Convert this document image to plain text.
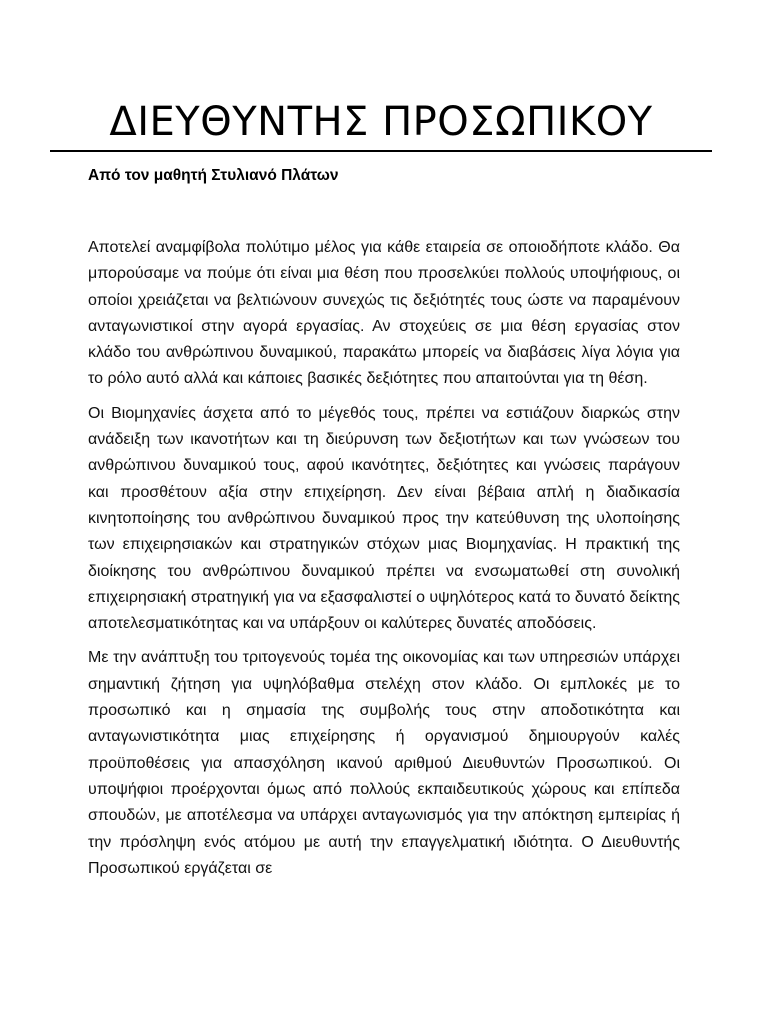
ΔΙΕΥΘΥΝΤΗΣ ΠΡΟΣΩΠΙΚΟΥ

Από τον μαθητή Στυλιανό Πλάτων

Αποτελεί αναμφίβολα πολύτιμο μέλος για κάθε εταιρεία σε οποιοδήποτε κλάδο. Θα μπορούσαμε να πούμε ότι είναι μια θέση που προσελκύει πολλούς υποψήφιους, οι οποίοι χρειάζεται να βελτιώνουν συνεχώς τις δεξιότητές τους ώστε να παραμένουν ανταγωνιστικοί στην αγορά εργασίας. Αν στοχεύεις σε μια θέση εργασίας στον κλάδο του ανθρώπινου δυναμικού, παρακάτω μπορείς να διαβάσεις λίγα λόγια για το ρόλο αυτό αλλά και κάποιες βασικές δεξιότητες που απαιτούνται για τη θέση.

Οι Βιομηχανίες άσχετα από το μέγεθός τους, πρέπει να εστιάζουν διαρκώς στην ανάδειξη των ικανοτήτων και τη διεύρυνση των δεξιοτήτων και των γνώσεων του ανθρώπινου δυναμικού τους, αφού ικανότητες, δεξιότητες και γνώσεις παράγουν και προσθέτουν αξία στην επιχείρηση. Δεν είναι βέβαια απλή η διαδικασία κινητοποίησης του ανθρώπινου δυναμικού προς την κατεύθυνση της υλοποίησης των επιχειρησιακών και στρατηγικών στόχων μιας Βιομηχανίας. Η πρακτική της διοίκησης του ανθρώπινου δυναμικού πρέπει να ενσωματωθεί στη συνολική επιχειρησιακή στρατηγική για να εξασφαλιστεί ο υψηλότερος κατά το δυνατό δείκτης αποτελεσματικότητας και να υπάρξουν οι καλύτερες δυνατές αποδόσεις.

Με την ανάπτυξη του τριτογενούς τομέα της οικονομίας και των υπηρεσιών υπάρχει σημαντική ζήτηση για υψηλόβαθμα στελέχη στον κλάδο. Οι εμπλοκές με το προσωπικό και η σημασία της συμβολής τους στην αποδοτικότητα και ανταγωνιστικότητα μιας επιχείρησης ή οργανισμού δημιουργούν καλές προϋποθέσεις για απασχόληση ικανού αριθμού Διευθυντών Προσωπικού. Οι υποψήφιοι προέρχονται όμως από πολλούς εκπαιδευτικούς χώρους και επίπεδα σπουδών, με αποτέλεσμα να υπάρχει ανταγωνισμός για την απόκτηση εμπειρίας ή την πρόσληψη ενός ατόμου με αυτή την επαγγελματική ιδιότητα. Ο Διευθυντής Προσωπικού εργάζεται σε
